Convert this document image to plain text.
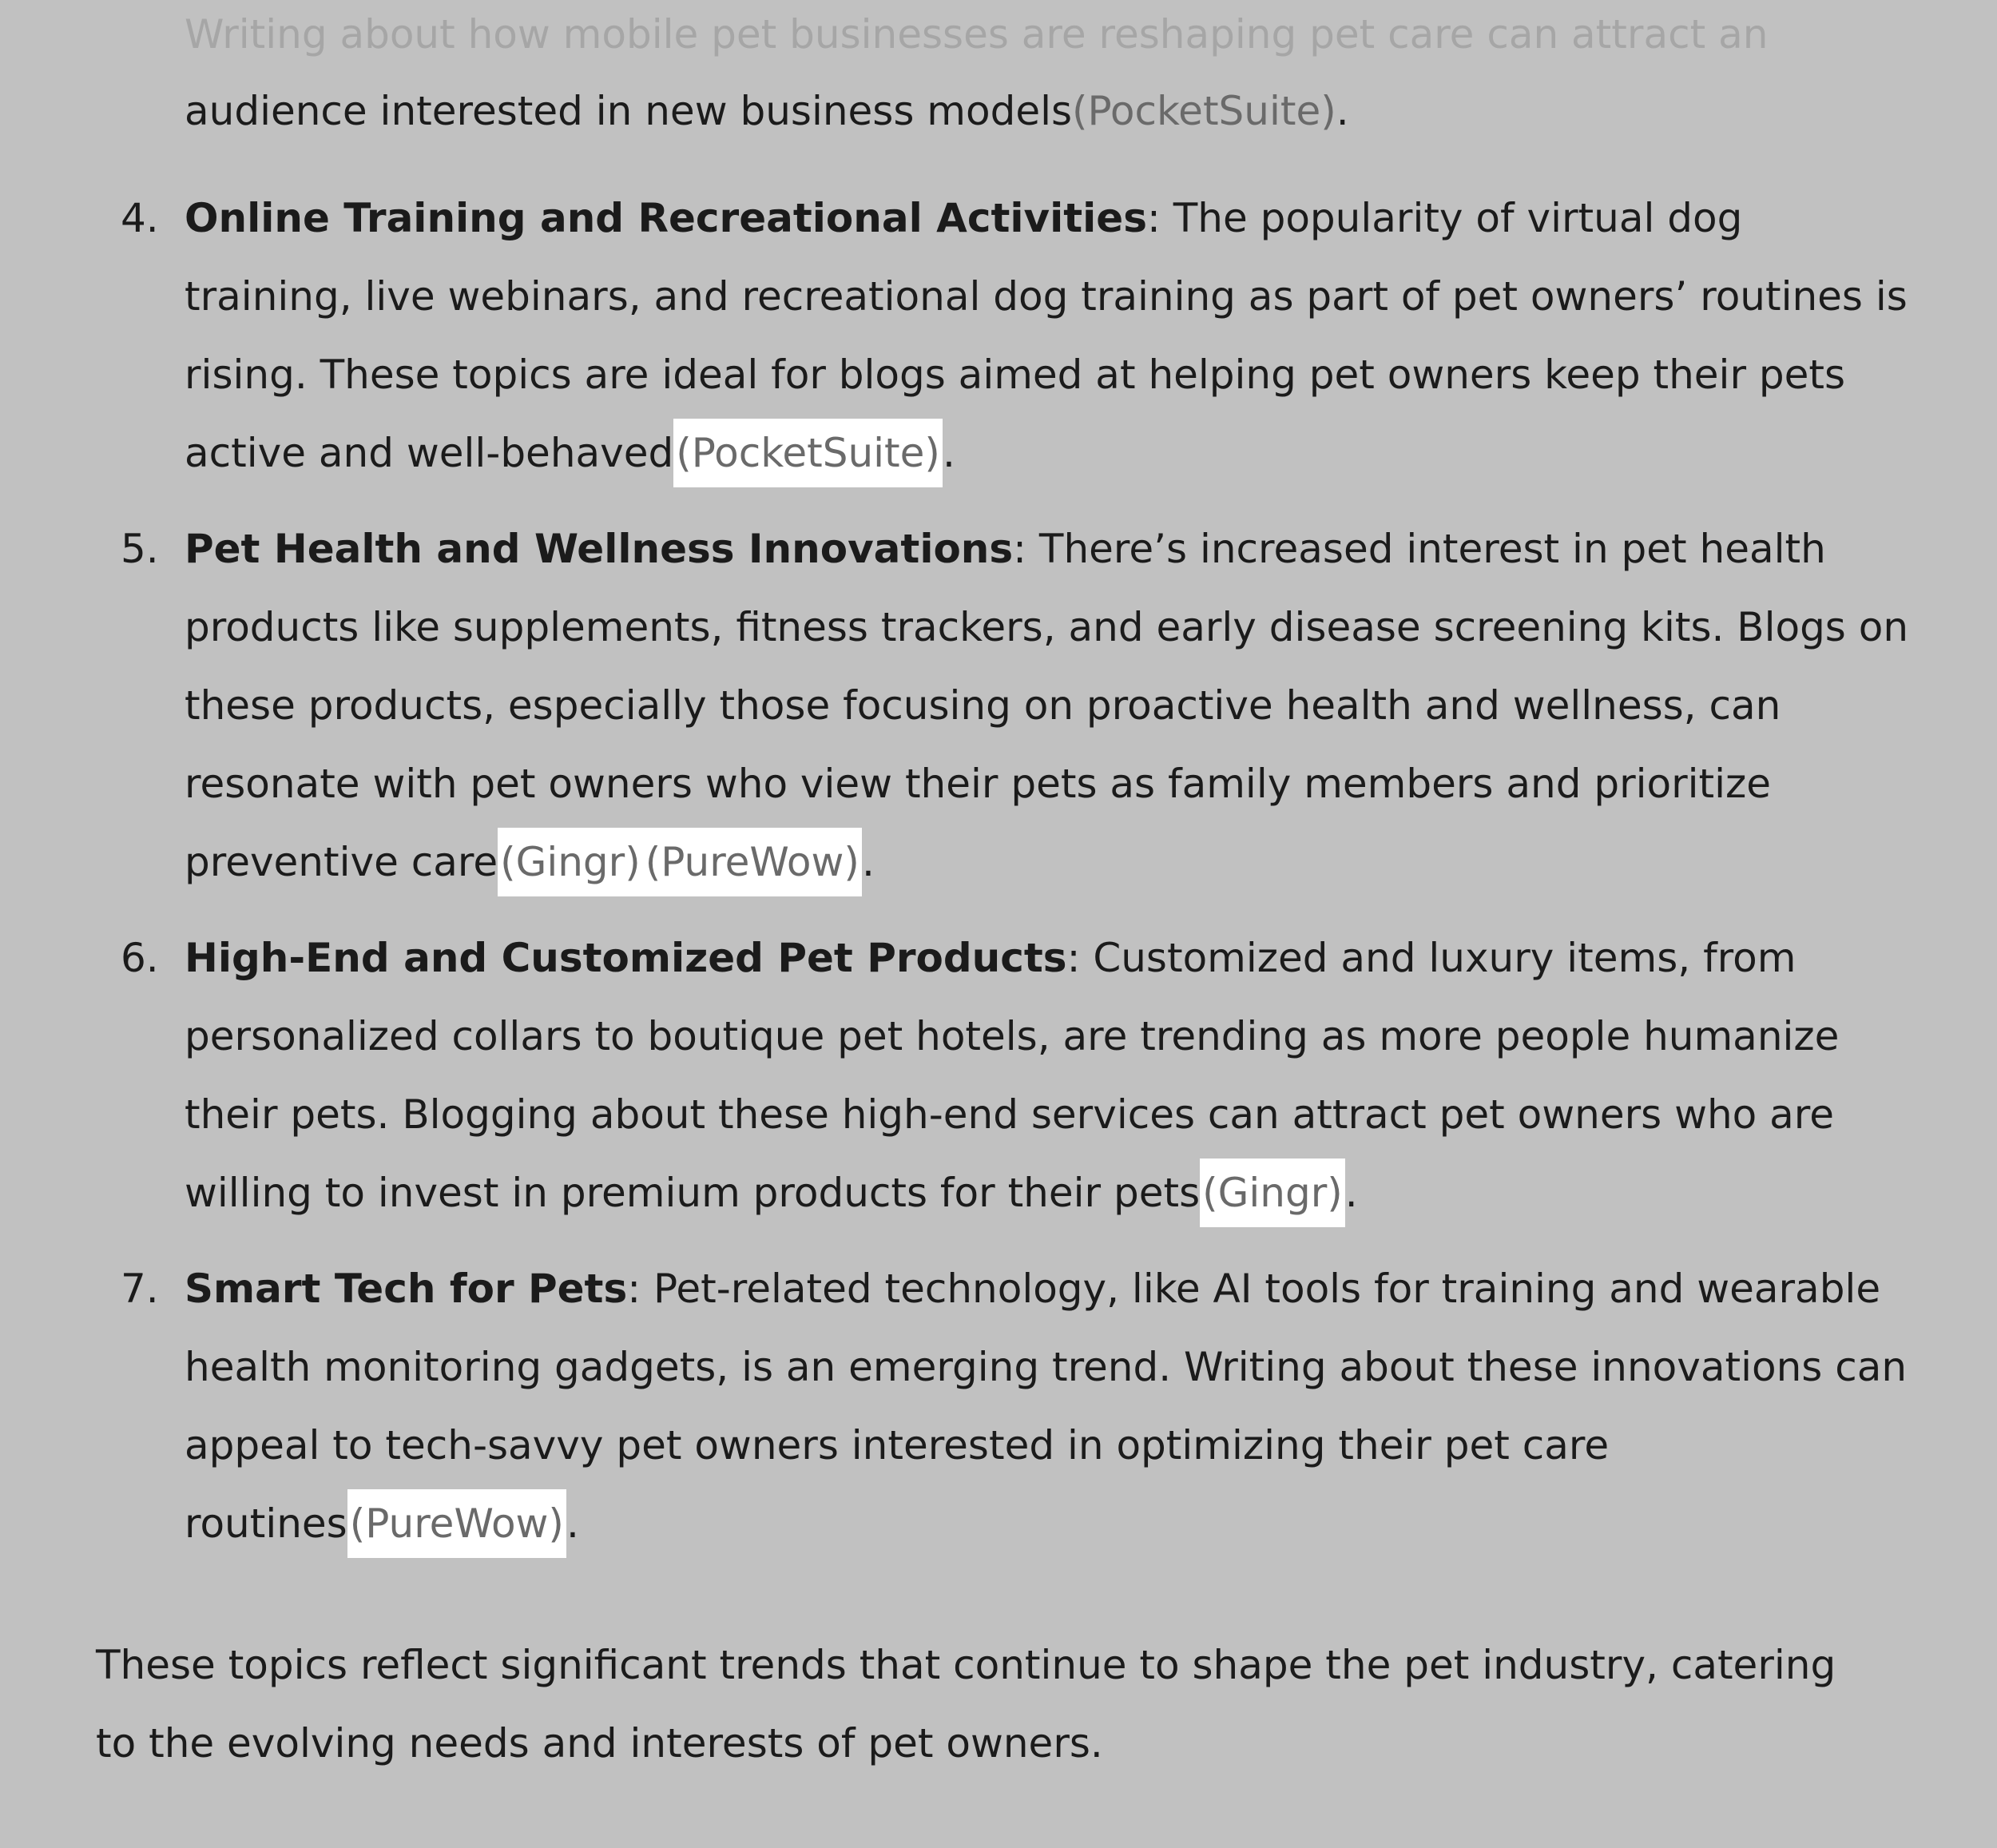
Writing about how mobile pet businesses are reshaping pet care can attract an
audience interested in new business models(PocketSuite).
4. Online Training and Recreational Activities: The popularity of virtual dog training, live webinars, and recreational dog training as part of pet owners’ routines is rising. These topics are ideal for blogs aimed at helping pet owners keep their pets active and well-behaved(PocketSuite).
5. Pet Health and Wellness Innovations: There’s increased interest in pet health products like supplements, fitness trackers, and early disease screening kits. Blogs on these products, especially those focusing on proactive health and wellness, can resonate with pet owners who view their pets as family members and prioritize preventive care(Gingr) (PureWow).
6. High-End and Customized Pet Products: Customized and luxury items, from personalized collars to boutique pet hotels, are trending as more people humanize their pets. Blogging about these high-end services can attract pet owners who are willing to invest in premium products for their pets(Gingr).
7. Smart Tech for Pets: Pet-related technology, like AI tools for training and wearable health monitoring gadgets, is an emerging trend. Writing about these innovations can appeal to tech-savvy pet owners interested in optimizing their pet care routines(PureWow).
These topics reflect significant trends that continue to shape the pet industry, catering to the evolving needs and interests of pet owners.
